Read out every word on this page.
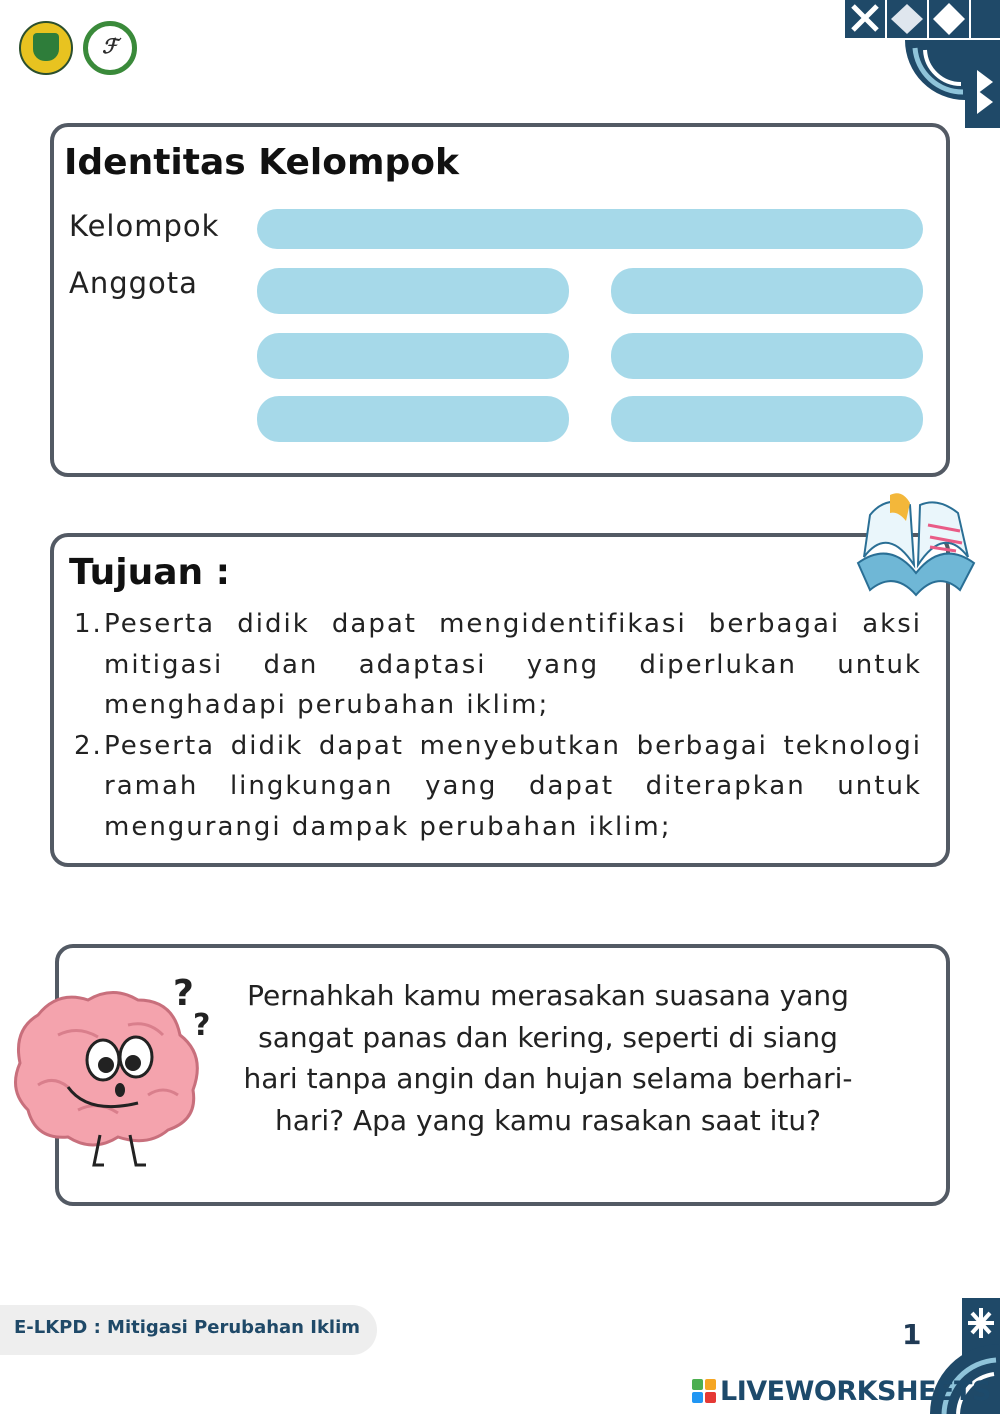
ℱ
Identitas Kelompok
Kelompok
Anggota
Tujuan :
1. Peserta didik dapat mengidentifikasi berbagai aksi mitigasi dan adaptasi yang diperlukan untuk menghadapi perubahan iklim;
2. Peserta didik dapat menyebutkan berbagai teknologi ramah lingkungan yang dapat diterapkan untuk mengurangi dampak perubahan iklim;
?
?
Pernahkah kamu merasakan suasana yang sangat panas dan kering, seperti di siang hari tanpa angin dan hujan selama berhari-hari? Apa yang kamu rasakan saat itu?
E-LKPD : Mitigasi Perubahan Iklim	1
LIVEWORKSHEETS
